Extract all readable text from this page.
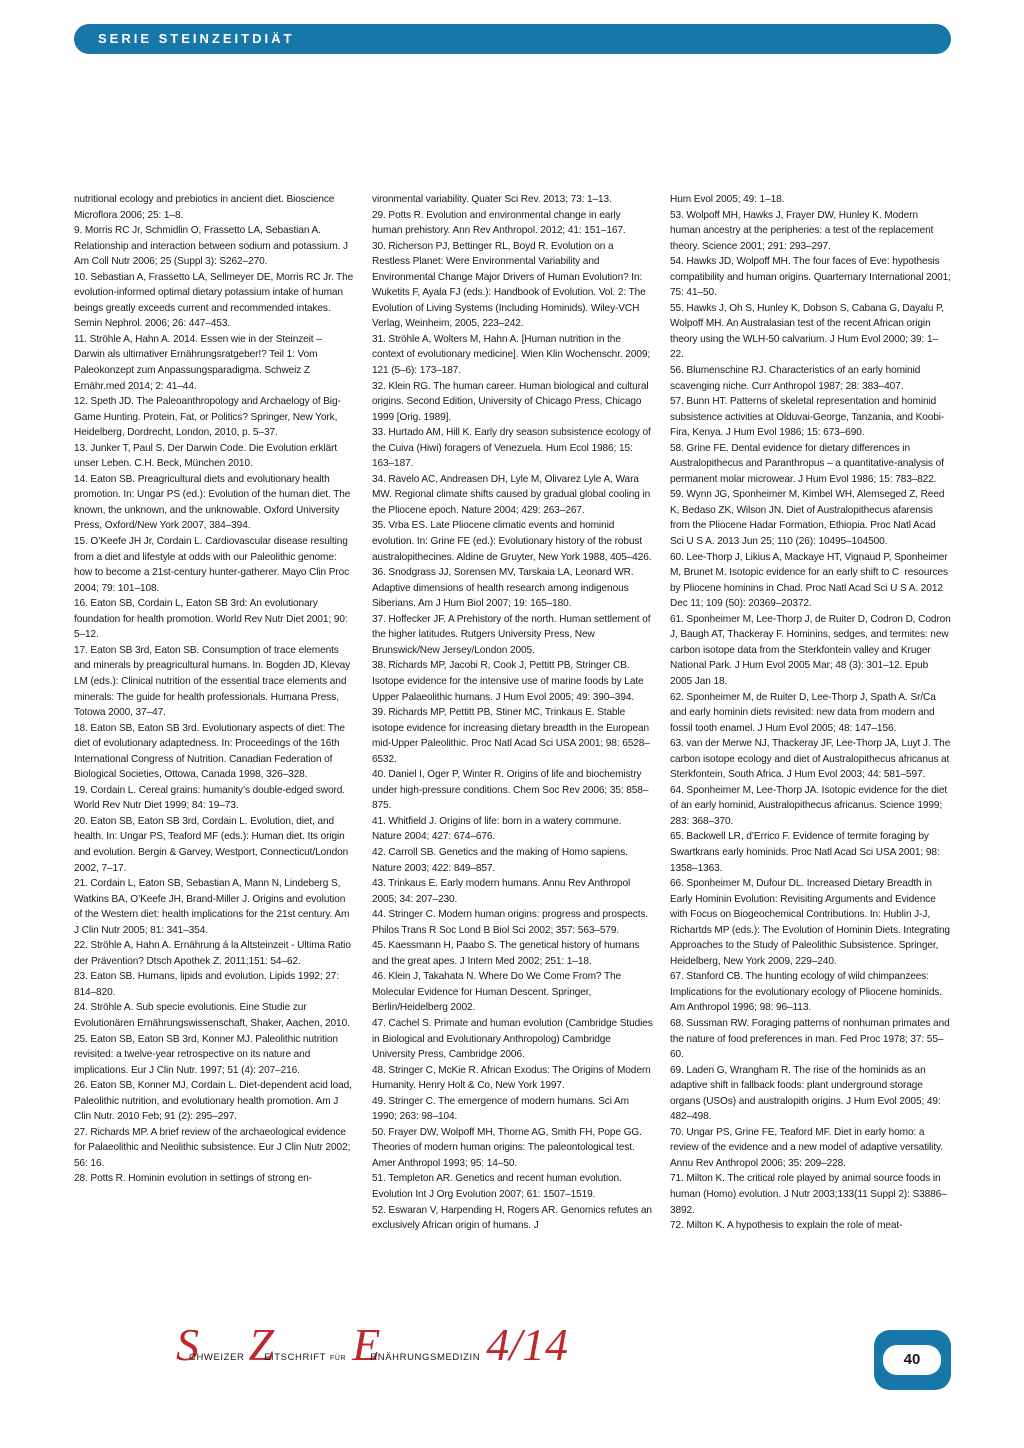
SERIE STEINZEITDIÄT

nutritional ecology and prebiotics in ancient diet. Bioscience Microflora 2006; 25: 1–8.

9. Morris RC Jr, Schmidlin O, Frassetto LA, Sebastian A. Relationship and interaction between sodium and potassium. J Am Coll Nutr 2006; 25 (Suppl 3): S262–270.

10. Sebastian A, Frassetto LA, Sellmeyer DE, Morris RC Jr. The evolution-informed optimal dietary potassium intake of human beings greatly exceeds current and recommended intakes. Semin Nephrol. 2006; 26: 447–453.

11. Ströhle A, Hahn A. 2014. Essen wie in der Steinzeit – Darwin als ultimativer Ernährungsratgeber!? Teil 1: Vom Paleokonzept zum Anpassungsparadigma. Schweiz Z Ernähr.med 2014; 2: 41–44.

12. Speth JD. The Paleoanthropology and Archaelogy of Big-Game Hunting. Protein, Fat, or Politics? Springer, New York, Heidelberg, Dordrecht, London, 2010, p. 5–37.

13. Junker T, Paul S. Der Darwin Code. Die Evolution erklärt unser Leben. C.H. Beck, München 2010.

14. Eaton SB. Preagricultural diets and evolutionary health promotion. In: Ungar PS (ed.): Evolution of the human diet. The known, the unknown, and the unknowable. Oxford University Press, Oxford/New York 2007, 384–394.

15. O’Keefe JH Jr, Cordain L. Cardiovascular disease resulting from a diet and lifestyle at odds with our Paleolithic genome: how to become a 21st-century hunter-gatherer. Mayo Clin Proc 2004; 79: 101–108.

16. Eaton SB, Cordain L, Eaton SB 3rd: An evolutionary foundation for health promotion. World Rev Nutr Diet 2001; 90: 5–12.

17. Eaton SB 3rd, Eaton SB. Consumption of trace elements and minerals by preagricultural humans. In. Bogden JD, Klevay LM (eds.): Clinical nutrition of the essential trace elements and minerals: The guide for health professionals. Humana Press, Totowa 2000, 37–47.

18. Eaton SB, Eaton SB 3rd. Evolutionary aspects of diet: The diet of evolutionary adaptedness. In: Proceedings of the 16th International Congress of Nutrition. Canadian Federation of Biological Societies, Ottowa, Canada 1998, 326–328.

19. Cordain L. Cereal grains: humanity’s double-edged sword. World Rev Nutr Diet 1999; 84: 19–73.

20. Eaton SB, Eaton SB 3rd, Cordain L. Evolution, diet, and health. In: Ungar PS, Teaford MF (eds.): Human diet. Its origin and evolution. Bergin & Garvey, Westport, Connecticut/London 2002, 7–17.

21. Cordain L, Eaton SB, Sebastian A, Mann N, Lindeberg S, Watkins BA, O’Keefe JH, Brand-Miller J. Origins and evolution of the Western diet: health implications for the 21st century. Am J Clin Nutr 2005; 81: 341–354.

22. Ströhle A, Hahn A. Ernährung á la Altsteinzeit - Ultima Ratio der Prävention? Dtsch Apothek Z. 2011;151: 54–62.

23. Eaton SB. Humans, lipids and evolution. Lipids 1992; 27: 814–820.

24. Ströhle A. Sub specie evolutionis. Eine Studie zur Evolutionären Ernährungswissenschaft, Shaker, Aachen, 2010.

25. Eaton SB, Eaton SB 3rd, Konner MJ. Paleolithic nutrition revisited: a twelve-year retrospective on its nature and implications. Eur J Clin Nutr. 1997; 51 (4): 207–216.

26. Eaton SB, Konner MJ, Cordain L. Diet-dependent acid load, Paleolithic nutrition, and evolutionary health promotion. Am J Clin Nutr. 2010 Feb; 91 (2): 295–297.

27. Richards MP. A brief review of the archaeological evidence for Palaeolithic and Neolithic subsistence. Eur J Clin Nutr 2002; 56: 16.

28. Potts R. Hominin evolution in settings of strong en-

vironmental variability. Quater Sci Rev. 2013; 73: 1–13.

29. Potts R. Evolution and environmental change in early human prehistory. Ann Rev Anthropol. 2012; 41: 151–167.

30. Richerson PJ, Bettinger RL, Boyd R. Evolution on a Restless Planet: Were Environmental Variability and Environmental Change Major Drivers of Human Evolution? In: Wuketits F, Ayala FJ (eds.): Handbook of Evolution. Vol. 2: The Evolution of Living Systems (Including Hominids). Wiley-VCH Verlag, Weinheim, 2005, 223–242.

31. Ströhle A, Wolters M, Hahn A. [Human nutrition in the context of evolutionary medicine]. Wien Klin Wochenschr. 2009; 121 (5–6): 173–187.

32. Klein RG. The human career. Human biological and cultural origins. Second Edition, University of Chicago Press, Chicago 1999 [Orig. 1989].

33. Hurtado AM, Hill K. Early dry season subsistence ecology of the Cuiva (Hiwi) foragers of Venezuela. Hum Ecol 1986; 15: 163–187.

34. Ravelo AC, Andreasen DH, Lyle M, Olivarez Lyle A, Wara MW. Regional climate shifts caused by gradual global cooling in the Pliocene epoch. Nature 2004; 429: 263–267.

35. Vrba ES. Late Pliocene climatic events and hominid evolution. In: Grine FE (ed.): Evolutionary history of the robust australopithecines. Aldine de Gruyter, New York 1988, 405–426.

36. Snodgrass JJ, Sorensen MV, Tarskaia LA, Leonard WR. Adaptive dimensions of health research among indigenous Siberians. Am J Hum Biol 2007; 19: 165–180.

37. Hoffecker JF. A Prehistory of the north. Human settlement of the higher latitudes. Rutgers University Press, New Brunswick/New Jersey/London 2005.

38. Richards MP, Jacobi R, Cook J, Pettitt PB, Stringer CB. Isotope evidence for the intensive use of marine foods by Late Upper Palaeolithic humans. J Hum Evol 2005; 49: 390–394.

39. Richards MP, Pettitt PB, Stiner MC, Trinkaus E. Stable isotope evidence for increasing dietary breadth in the European mid-Upper Paleolithic. Proc Natl Acad Sci USA 2001; 98: 6528–6532.

40. Daniel I, Oger P, Winter R. Origins of life and biochemistry under high-pressure conditions. Chem Soc Rev 2006; 35: 858–875.

41. Whitfield J. Origins of life: born in a watery commune. Nature 2004; 427: 674–676.

42. Carroll SB. Genetics and the making of Homo sapiens. Nature 2003; 422: 849–857.

43. Trinkaus E. Early modern humans. Annu Rev Anthropol 2005; 34: 207–230.

44. Stringer C. Modern human origins: progress and prospects. Philos Trans R Soc Lond B Biol Sci 2002; 357: 563–579.

45. Kaessmann H, Paabo S. The genetical history of humans and the great apes. J Intern Med 2002; 251: 1–18.

46. Klein J, Takahata N. Where Do We Come From? The Molecular Evidence for Human Descent. Springer, Berlin/Heidelberg 2002.

47. Cachel S. Primate and human evolution (Cambridge Studies in Biological and Evolutionary Anthropolog) Cambridge University Press, Cambridge 2006.

48. Stringer C, McKie R. African Exodus: The Origins of Modern Humanity. Henry Holt & Co, New York 1997.

49. Stringer C. The emergence of modern humans. Sci Am 1990; 263: 98–104.

50. Frayer DW, Wolpoff MH, Thorne AG, Smith FH, Pope GG. Theories of modern human origins: The paleontological test. Amer Anthropol 1993; 95: 14–50.

51. Templeton AR. Genetics and recent human evolution. Evolution Int J Org Evolution 2007; 61: 1507–1519.

52. Eswaran V, Harpending H, Rogers AR. Genomics refutes an exclusively African origin of humans. J

Hum Evol 2005; 49: 1–18.

53. Wolpoff MH, Hawks J, Frayer DW, Hunley K. Modern human ancestry at the peripheries: a test of the replacement theory. Science 2001; 291: 293–297.

54. Hawks JD, Wolpoff MH. The four faces of Eve: hypothesis compatibility and human origins. Quarternary International 2001; 75: 41–50.

55. Hawks J, Oh S, Hunley K, Dobson S, Cabana G, Dayalu P, Wolpoff MH. An Australasian test of the recent African origin theory using the WLH-50 calvarium. J Hum Evol 2000; 39: 1–22.

56. Blumenschine RJ. Characteristics of an early hominid scavenging niche. Curr Anthropol 1987; 28: 383–407.

57. Bunn HT. Patterns of skeletal representation and hominid subsistence activities at Olduvai-George, Tanzania, and Koobi-Fira, Kenya. J Hum Evol 1986; 15: 673–690.

58. Grine FE. Dental evidence for dietary differences in Australopithecus and Paranthropus – a quantitative-analysis of permanent molar microwear. J Hum Evol 1986; 15: 783–822.

59. Wynn JG, Sponheimer M, Kimbel WH, Alemseged Z, Reed K, Bedaso ZK, Wilson JN. Diet of Australopithecus afarensis from the Pliocene Hadar Formation, Ethiopia. Proc Natl Acad Sci U S A. 2013 Jun 25; 110 (26): 10495–104500.

60. Lee-Thorp J, Likius A, Mackaye HT, Vignaud P, Sponheimer M, Brunet M. Isotopic evidence for an early shift to C  resources by Pliocene hominins in Chad. Proc Natl Acad Sci U S A. 2012 Dec 11; 109 (50): 20369–20372.

61. Sponheimer M, Lee-Thorp J, de Ruiter D, Codron D, Codron J, Baugh AT, Thackeray F. Hominins, sedges, and termites: new carbon isotope data from the Sterkfontein valley and Kruger National Park. J Hum Evol 2005 Mar; 48 (3): 301–12. Epub 2005 Jan 18.

62. Sponheimer M, de Ruiter D, Lee-Thorp J, Spath A. Sr/Ca and early hominin diets revisited: new data from modern and fossil tooth enamel. J Hum Evol 2005; 48: 147–156.

63. van der Merwe NJ, Thackeray JF, Lee-Thorp JA, Luyt J. The carbon isotope ecology and diet of Australopithecus africanus at Sterkfontein, South Africa. J Hum Evol 2003; 44: 581–597.

64. Sponheimer M, Lee-Thorp JA. Isotopic evidence for the diet of an early hominid, Australopithecus africanus. Science 1999; 283: 368–370.

65. Backwell LR, d’Errico F. Evidence of termite foraging by Swartkrans early hominids. Proc Natl Acad Sci USA 2001; 98: 1358–1363.

66. Sponheimer M, Dufour DL. Increased Dietary Breadth in Early Hominin Evolution: Revisiting Arguments and Evidence with Focus on Biogeochemical Contributions. In: Hublin J-J, Richartds MP (eds.): The Evolution of Hominin Diets. Integrating Approaches to the Study of Paleolithic Subsistence. Springer, Heidelberg, New York 2009, 229–240.

67. Stanford CB. The hunting ecology of wild chimpanzees: Implications for the evolutionary ecology of Pliocene hominids. Am Anthropol 1996; 98: 96–113.

68. Sussman RW. Foraging patterns of nonhuman primates and the nature of food preferences in man. Fed Proc 1978; 37: 55–60.

69. Laden G, Wrangham R. The rise of the hominids as an adaptive shift in fallback foods: plant underground storage organs (USOs) and australopith origins. J Hum Evol 2005; 49: 482–498.

70. Ungar PS, Grine FE, Teaford MF. Diet in early homo: a review of the evidence and a new model of adaptive versatility. Annu Rev Anthropol 2006; 35: 209–228.

71. Milton K. The critical role played by animal source foods in human (Homo) evolution. J Nutr 2003;133(11 Suppl 2): S3886–3892.

72. Milton K. A hypothesis to explain the role of meat-

S
CHWEIZER Z
EITSCHRIFT FÜR E
RNÄHRUNGSMEDIZIN 4/14	40
